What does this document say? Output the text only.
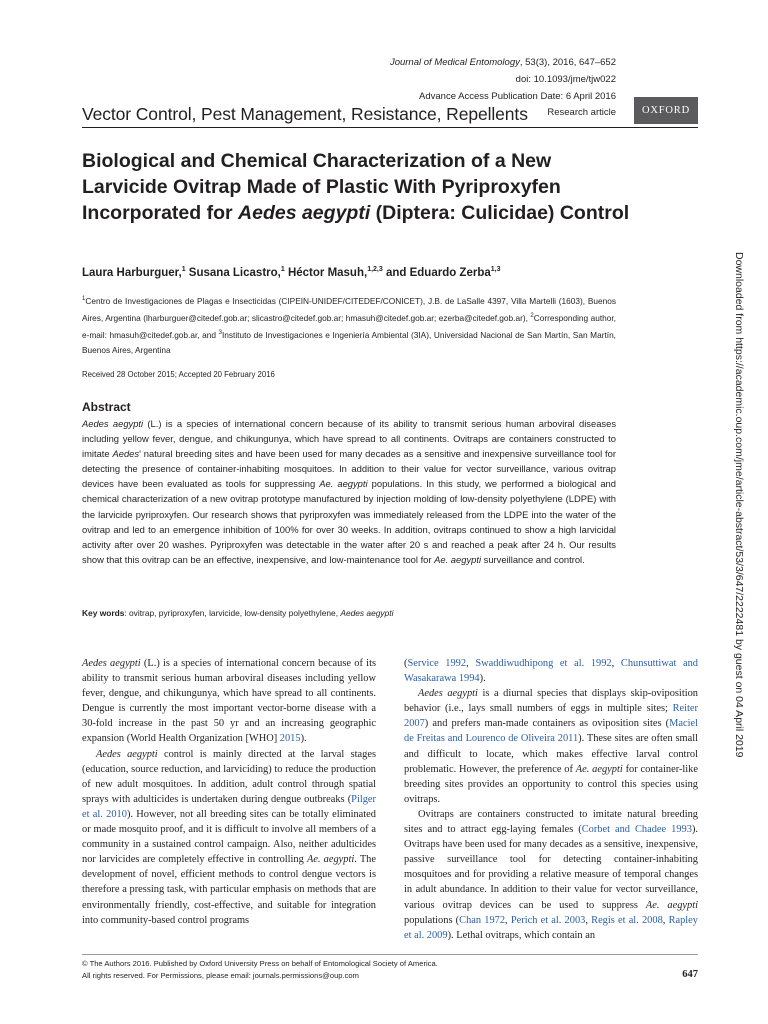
Journal of Medical Entomology, 53(3), 2016, 647–652
doi: 10.1093/jme/tjw022
Advance Access Publication Date: 6 April 2016
Vector Control, Pest Management, Resistance, Repellents Research article	OXFORD
Biological and Chemical Characterization of a New Larvicide Ovitrap Made of Plastic With Pyriproxyfen Incorporated for Aedes aegypti (Diptera: Culicidae) Control
Laura Harburguer,$^1$ Susana Licastro,$^1$ Héctor Masuh,$^{1,2,3}$ and Eduardo Zerba$^{1,3}$
$^1$Centro de Investigaciones de Plagas e Insecticidas (CIPEIN-UNIDEF/CITEDEF/CONICET), J.B. de LaSalle 4397, Villa Martelli (1603), Buenos Aires, Argentina (lharburguer@citedef.gob.ar; slicastro@citedef.gob.ar; hmasuh@citedef.gob.ar; ezerba@citedef.gob.ar), $^2$Corresponding author, e-mail: hmasuh@citedef.gob.ar, and $^3$Instituto de Investigaciones e Ingeniería Ambiental (3IA), Universidad Nacional de San Martín, San Martín, Buenos Aires, Argentina
Received 28 October 2015; Accepted 20 February 2016
Abstract
Aedes aegypti (L.) is a species of international concern because of its ability to transmit serious human arboviral diseases including yellow fever, dengue, and chikungunya, which have spread to all continents. Ovitraps are containers constructed to imitate Aedes' natural breeding sites and have been used for many decades as a sensitive and inexpensive surveillance tool for detecting the presence of container-inhabiting mosquitoes. In addition to their value for vector surveillance, various ovitrap devices have been evaluated as tools for suppressing Ae. aegypti populations. In this study, we performed a biological and chemical characterization of a new ovitrap prototype manufactured by injection molding of low-density polyethylene (LDPE) with the larvicide pyriproxyfen. Our research shows that pyriproxyfen was immediately released from the LDPE into the water of the ovitrap and led to an emergence inhibition of 100% for over 30 weeks. In addition, ovitraps continued to show a high larvicidal activity after over 20 washes. Pyriproxyfen was detectable in the water after 20 s and reached a peak after 24 h. Our results show that this ovitrap can be an effective, inexpensive, and low-maintenance tool for Ae. aegypti surveillance and control.
Key words: ovitrap, pyriproxyfen, larvicide, low-density polyethylene, Aedes aegypti

Aedes aegypti (L.) is a species of international concern because of its ability to transmit serious human arboviral diseases including yellow fever, dengue, and chikungunya, which have spread to all continents. Dengue is currently the most important vector-borne disease with a 30-fold increase in the past 50 yr and an increasing geographic expansion (World Health Organization [WHO] 2015).

Aedes aegypti control is mainly directed at the larval stages (education, source reduction, and larviciding) to reduce the production of new adult mosquitoes. In addition, adult control through spatial sprays with adulticides is undertaken during dengue outbreaks (Pilger et al. 2010). However, not all breeding sites can be totally eliminated or made mosquito proof, and it is difficult to involve all members of a community in a sustained control campaign. Also, neither adulticides nor larvicides are completely effective in controlling Ae. aegypti. The development of novel, efficient methods to control dengue vectors is therefore a pressing task, with particular emphasis on methods that are environmentally friendly, cost-effective, and suitable for integration into community-based control programs

(Service 1992, Swaddiwudhipong et al. 1992, Chunsuttiwat and Wasakarawa 1994).

Aedes aegypti is a diurnal species that displays skip-oviposition behavior (i.e., lays small numbers of eggs in multiple sites; Reiter 2007) and prefers man-made containers as oviposition sites (Maciel de Freitas and Lourenco de Oliveira 2011). These sites are often small and difficult to locate, which makes effective larval control problematic. However, the preference of Ae. aegypti for container-like breeding sites provides an opportunity to control this species using ovitraps.

Ovitraps are containers constructed to imitate natural breeding sites and to attract egg-laying females (Corbet and Chadee 1993). Ovitraps have been used for many decades as a sensitive, inexpensive, passive surveillance tool for detecting container-inhabiting mosquitoes and for providing a relative measure of temporal changes in adult abundance. In addition to their value for vector surveillance, various ovitrap devices can be used to suppress Ae. aegypti populations (Chan 1972, Perich et al. 2003, Regis et al. 2008, Rapley et al. 2009). Lethal ovitraps, which contain an

© The Authors 2016. Published by Oxford University Press on behalf of Entomological Society of America.
All rights reserved. For Permissions, please email: journals.permissions@oup.com	647
Downloaded from https://academic.oup.com/jme/article-abstract/53/3/647/2222481 by guest on 04 April 2019
